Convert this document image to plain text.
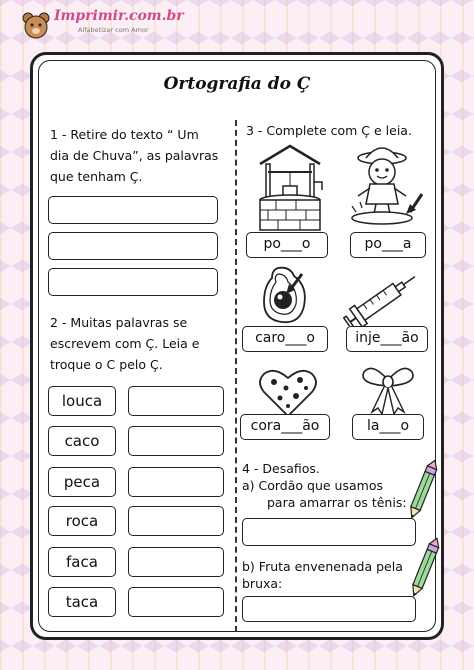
Imprimir.com.br
Alfabetizar com Amor
Ortografia do Ç
1 - Retire do texto “ Um
dia de Chuva”, as palavras
que tenham Ç.
2 - Muitas palavras se
escrevem com Ç. Leia e
troque o C pelo Ç.
louca
caco
peca
roca
faca
taca
3 - Complete com Ç e leia.
po___o	po___a
caro___o	inje___ão
cora___ão	la___o
4 - Desafios.
a) Cordão que usamos
para amarrar os tênis:
b) Fruta envenenada pela
bruxa:
